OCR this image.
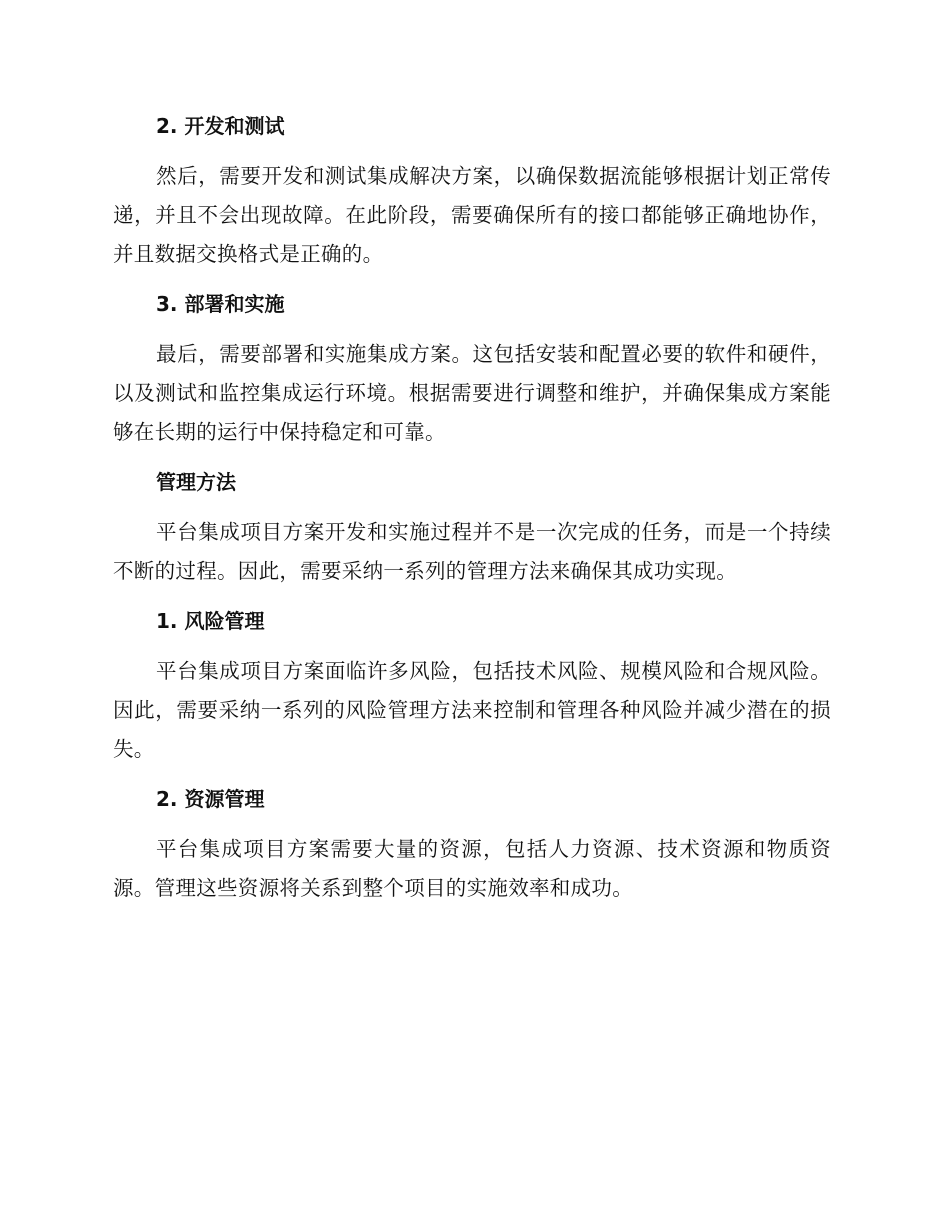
2. 开发和测试

然后，需要开发和测试集成解决方案，以确保数据流能够根据计划正常传递，并且不会出现故障。在此阶段，需要确保所有的接口都能够正确地协作，并且数据交换格式是正确的。

3. 部署和实施

最后，需要部署和实施集成方案。这包括安装和配置必要的软件和硬件，以及测试和监控集成运行环境。根据需要进行调整和维护，并确保集成方案能够在长期的运行中保持稳定和可靠。

管理方法

平台集成项目方案开发和实施过程并不是一次完成的任务，而是一个持续不断的过程。因此，需要采纳一系列的管理方法来确保其成功实现。

1. 风险管理

平台集成项目方案面临许多风险，包括技术风险、规模风险和合规风险。因此，需要采纳一系列的风险管理方法来控制和管理各种风险并减少潜在的损失。

2. 资源管理

平台集成项目方案需要大量的资源，包括人力资源、技术资源和物质资源。管理这些资源将关系到整个项目的实施效率和成功。
